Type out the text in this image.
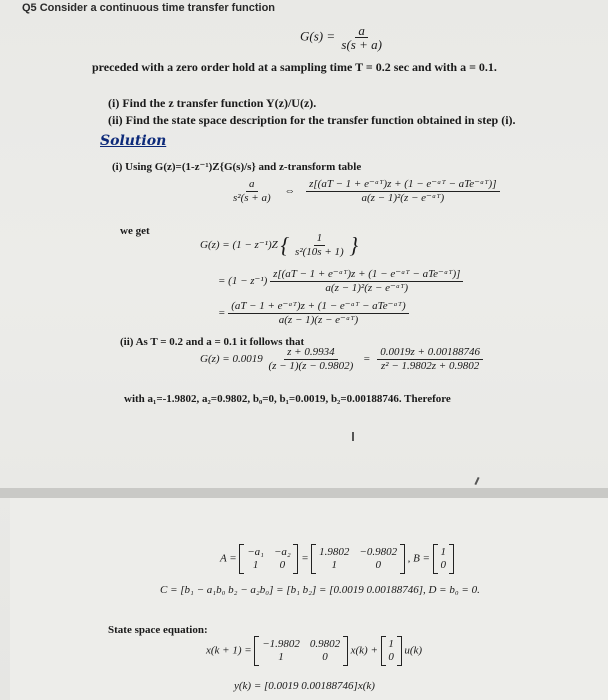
Q5 Consider a continuous time transfer function
$G(s) = \frac{a}{s(s + a)}$
preceded with a zero order hold at a sampling time T = 0.2 sec and with a = 0.1.
(i) Find the z transfer function Y(z)/U(z).
(ii) Find the state space description for the transfer function obtained in step (i).
Solution
(i) Using G(z)=(1-z⁻¹)Z{G(s)/s} and z-transform table
$\frac{a}{\text{s²(s + a)}}$ ⇔ $\frac{\text{z[(aT − 1 + e⁻ᵃᵀ)z + (1 − e⁻ᵃᵀ − aTe⁻ᵃᵀ)]}}{\text{a(z − 1)²(z − e⁻ᵃᵀ)}}$
we get
G(z) = (1 − z⁻¹)Z { $\frac{1}{\text{s²(10s + 1)}}$ }
= $(1 - z^{-1}) \frac{\text{z[(aT − 1 + e⁻ᵃᵀ)z + (1 − e⁻ᵃᵀ − aTe⁻ᵃᵀ)]}}{\text{a(z − 1)²(z − e⁻ᵃᵀ)}}$
= $\frac{\text{(aT − 1 + e⁻ᵃᵀ)z + (1 − e⁻ᵃᵀ − aTe⁻ᵃᵀ)}}{\text{a(z − 1)(z − e⁻ᵃᵀ)}}$
(ii) As T = 0.2 and a = 0.1 it follows that
$G(z) = 0.0019 \frac{z + 0.9934}{(z - 1)(z - 0.9802)} = \frac{0.0019z + 0.00188746}{\text{z² − 1.9802z + 0.9802}}$
with a₁=-1.9802, a₂=0.9802, b₀=0, b₁=0.0019, b₂=0.00188746. Therefore
A =
−a₁ −a₂
1	0
=
1.9802 −0.9802
1	0
, B =
1
0

C = [b₁ − a₁b₀ b₂ − a₂b₀] = [b₁ b₂] = [0.0019 0.00188746], D = b₀ = 0.
State space equation:
x(k + 1) =
−1.9802 0.9802
1	0
x(k) +
1
0
u(k)
y(k) = [0.0019 0.00188746]x(k)
